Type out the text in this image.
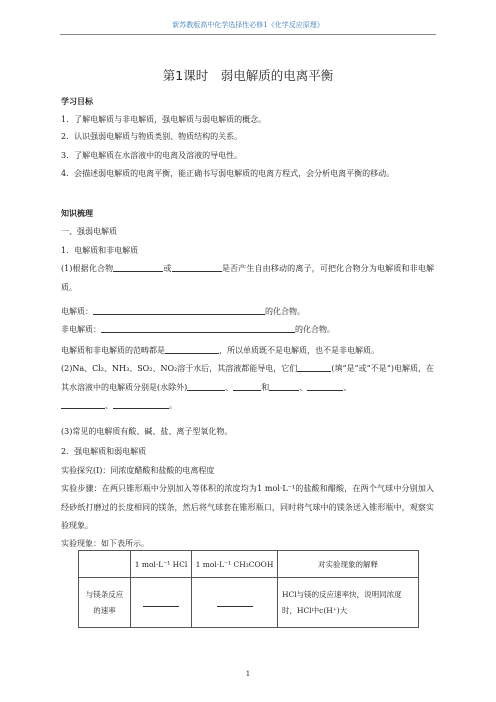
新苏教版高中化学选择性必修1《化学反应原理》
第1课时　弱电解质的电离平衡
学习目标
1．了解电解质与非电解质，强电解质与弱电解质的概念。
2．认识强弱电解质与物质类别、物质结构的关系。
3．了解电解质在水溶液中的电离及溶液的导电性。
4．会描述弱电解质的电离平衡，能正确书写弱电解质的电离方程式，会分析电离平衡的移动。
知识梳理
一、强弱电解质
1．电解质和非电解质
(1)根据化合物	或	是否产生自由移动的离子，可把化合物分为电解质和非电解质。
电解质：	的化合物。
非电解质：	的化合物。
电解质和非电解质的范畴都是	，所以单质既不是电解质，也不是非电解质。
(2)Na、Cl₂、NH₃、SO₂、NO₂溶于水后，其溶液都能导电，它们	(填“是”或“不是”)电解质，在其水溶液中的电解质分别是(水除外)	、	和	、	、
、	。
(3)常见的电解质有酸、碱、盐、离子型氧化物。
2．强电解质和弱电解质
实验探究(Ⅰ)：同浓度醋酸和盐酸的电离程度
实验步骤：在两只锥形瓶中分别加入等体积的浓度均为1 mol·L⁻¹的盐酸和醋酸，在两个气球中分别加入经砂纸打磨过的长度相同的镁条，然后将气球套在锥形瓶口，同时将气球中的镁条送入锥形瓶中，观察实验现象。
实验现象：如下表所示。
	1 mol·L⁻¹ HCl	1 mol·L⁻¹ CH₃COOH	对实验现象的解释
与镁条反应的速率			HCl与镁的反应速率快，说明同浓度时，HCl中c(H⁺)大
1
